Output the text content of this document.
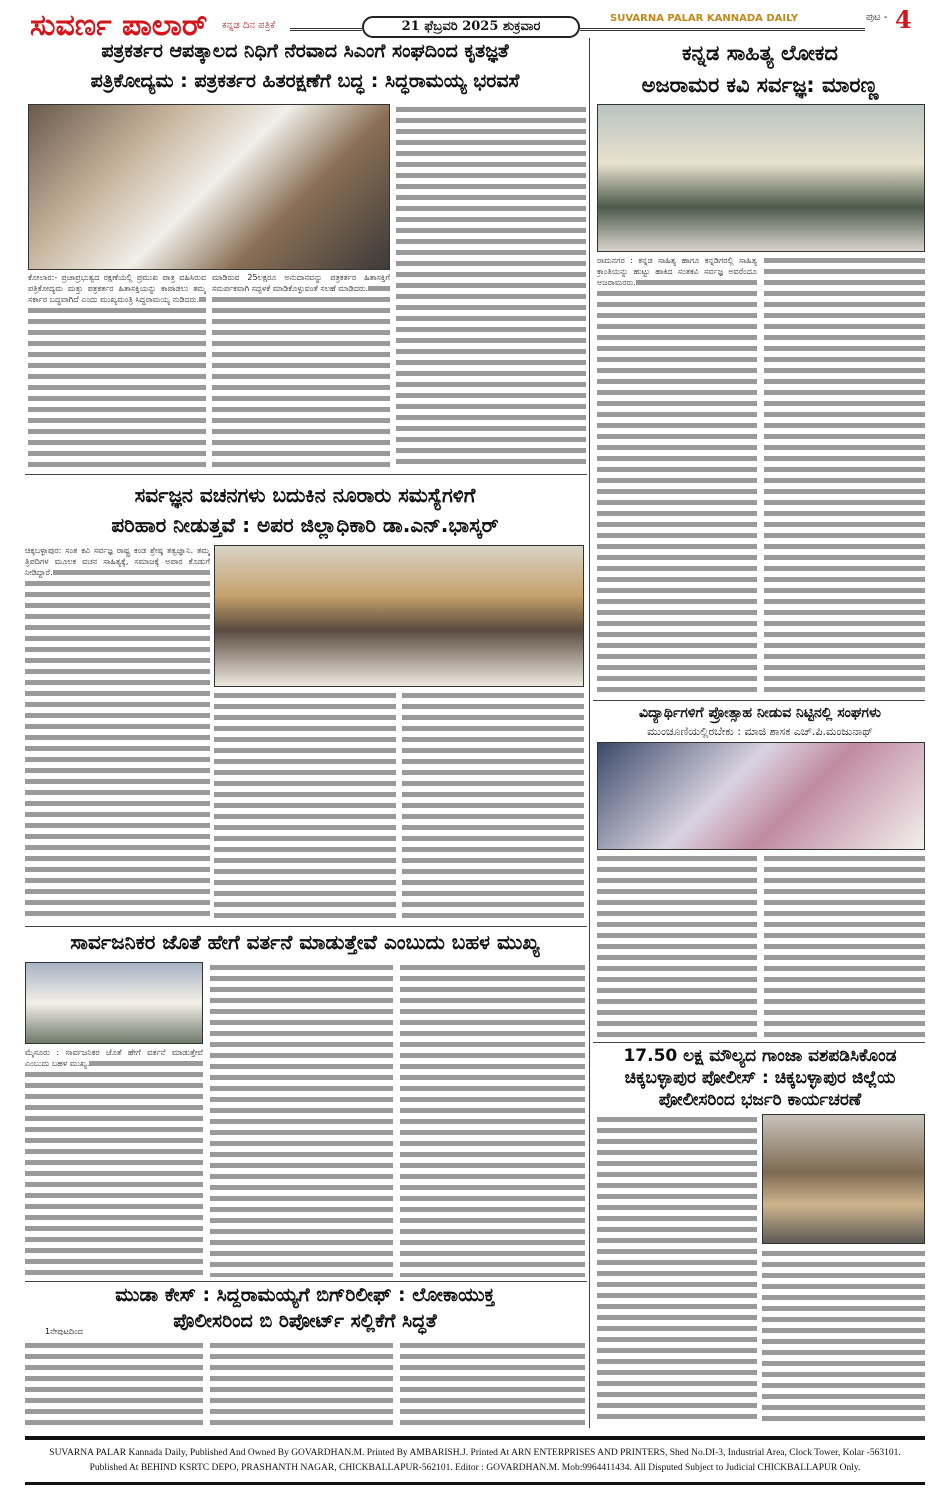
ಸುವರ್ಣ ಪಾಲಾರ್ ಕನ್ನಡ ದಿನ ಪತ್ರಿಕೆ	21 ಫೆಬ್ರವರಿ 2025 ಶುಕ್ರವಾರ
SUVARNA PALAR KANNADA DAILY	ಪುಟ - 4
ಪತ್ರಕರ್ತರ ಆಪತ್ಕಾಲದ ನಿಧಿಗೆ ನೆರವಾದ ಸಿಎಂಗೆ ಸಂಘದಿಂದ ಕೃತಜ್ಞತೆ
ಪತ್ರಿಕೋದ್ಯಮ : ಪತ್ರಕರ್ತರ ಹಿತರಕ್ಷಣೆಗೆ ಬದ್ಧ : ಸಿದ್ಧರಾಮಯ್ಯ ಭರವಸೆ
ಕೋಲಾರ:- ಪ್ರಜಾಪ್ರಭುತ್ವದ ರಕ್ಷಣೆಯಲ್ಲಿ ಪ್ರಮುಖ ಪಾತ್ರ ವಹಿಸಿರುವ ಪತ್ರಿಕೋದ್ಯಮ ಮತ್ತು ಪತ್ರಕರ್ತರ ಹಿತಾಸಕ್ತಿಯನ್ನು ಕಾಪಾಡಲು ತಮ್ಮ ಸರ್ಕಾರ ಬದ್ಧವಾಗಿದೆ ಎಂದು ಮುಖ್ಯಮಂತ್ರಿ ಸಿದ್ದರಾಮಯ್ಯ ನುಡಿದರು.
ಮಾಡಿರುವ 25ಲಕ್ಷರೂ ಅನುದಾನವನ್ನು ಪತ್ರಕರ್ತರ ಹಿತಾಸಕ್ತಿಗೆ ಸಮರ್ಪಕವಾಗಿ ಸದ್ಬಳಕೆ ಮಾಡಿಕೊಳ್ಳುವಂತೆ ಸಲಹೆ ಮಾಡಿದರು.
ಕನ್ನಡ ಸಾಹಿತ್ಯ ಲೋಕದ
ಅಜರಾಮರ ಕವಿ ಸರ್ವಜ್ಞ: ಮಾರಣ್ಣ
ರಾಮನಗರ : ಕನ್ನಡ ಸಾಹಿತ್ಯ ಹಾಗೂ ಕನ್ನಡಿಗರಲ್ಲಿ ಸಾಹಿತ್ಯ ಕ್ರಾಂತಿಯನ್ನು ಹುಟ್ಟು ಹಾಕಿದ ಸಂತಕವಿ ಸರ್ವಜ್ಞ ಅವರೆಂದೂ ಅಜರಾಮರರು.
ಸರ್ವಜ್ಞನ ವಚನಗಳು ಬದುಕಿನ ನೂರಾರು ಸಮಸ್ಯೆಗಳಿಗೆ
ಪರಿಹಾರ ನೀಡುತ್ತವೆ : ಅಪರ ಜಿಲ್ಲಾಧಿಕಾರಿ ಡಾ.ಎನ್.ಭಾಸ್ಕರ್
ಚಿಕ್ಕಬಳ್ಳಾಪುರ: ಸಂತ ಕವಿ ಸರ್ವಜ್ಞ ರಾಷ್ಟ್ರ ಕಂಡ ಶ್ರೇಷ್ಠ ತತ್ವಜ್ಞಾನಿ. ತಮ್ಮ ತ್ರಿಪದಿಗಳ ಮೂಲಕ ವಚನ ಸಾಹಿತ್ಯಕ್ಕೆ, ಸಮಾಜಕ್ಕೆ ಅಪಾರ ಕೊಡುಗೆ ನೀಡಿದ್ದಾರೆ.
ವಿದ್ಯಾರ್ಥಿಗಳಿಗೆ ಪ್ರೋತ್ಸಾಹ ನೀಡುವ ನಿಟ್ಟಿನಲ್ಲಿ ಸಂಘಗಳು
ಮುಂಚೂಣಿಯಲ್ಲಿರಬೇಕು : ಮಾಜಿ ಶಾಸಕ ಎಚ್.ಪಿ.ಮಂಜುನಾಥ್
ಸಾರ್ವಜನಿಕರ ಜೊತೆ ಹೇಗೆ ವರ್ತನೆ ಮಾಡುತ್ತೇವೆ ಎಂಬುದು ಬಹಳ ಮುಖ್ಯ
ಮೈಸೂರು : ಸಾರ್ವಜನಿಕರ ಜೊತೆ ಹೇಗೆ ವರ್ತನೆ ಮಾಡುತ್ತೇವೆ ಎಂಬುದು ಬಹಳ ಮುಖ್ಯ.	17.50 ಲಕ್ಷ ಮೌಲ್ಯದ ಗಾಂಜಾ ವಶಪಡಿಸಿಕೊಂಡ
ಚಿಕ್ಕಬಳ್ಳಾಪುರ ಪೋಲೀಸ್ : ಚಿಕ್ಕಬಳ್ಳಾಪುರ ಜಿಲ್ಲೆಯ
ಪೋಲೀಸರಿಂದ ಭರ್ಜರಿ ಕಾರ್ಯಚರಣೆ
ಮುಡಾ ಕೇಸ್ : ಸಿದ್ದರಾಮಯ್ಯಗೆ ಬಿಗ್‌ರಿಲೀಫ್ : ಲೋಕಾಯುಕ್ತ
ಪೊಲೀಸರಿಂದ ಬಿ ರಿಪೋರ್ಟ್ ಸಲ್ಲಿಕೆಗೆ ಸಿದ್ಧತೆ
1ನೇಪುಟದಿಂದ
SUVARNA PALAR Kannada Daily, Published And Owned By GOVARDHAN.M. Printed By AMBARISH.J. Printed At ARN ENTERPRISES AND PRINTERS, Shed No.DI-3, Industrial Area, Clock Tower, Kolar -563101.
Published At BEHIND KSRTC DEPO, PRASHANTH NAGAR, CHICKBALLAPUR-562101. Editor : GOVARDHAN.M. Mob:9964411434. All Disputed Subject to Judicial CHICKBALLAPUR Only.
